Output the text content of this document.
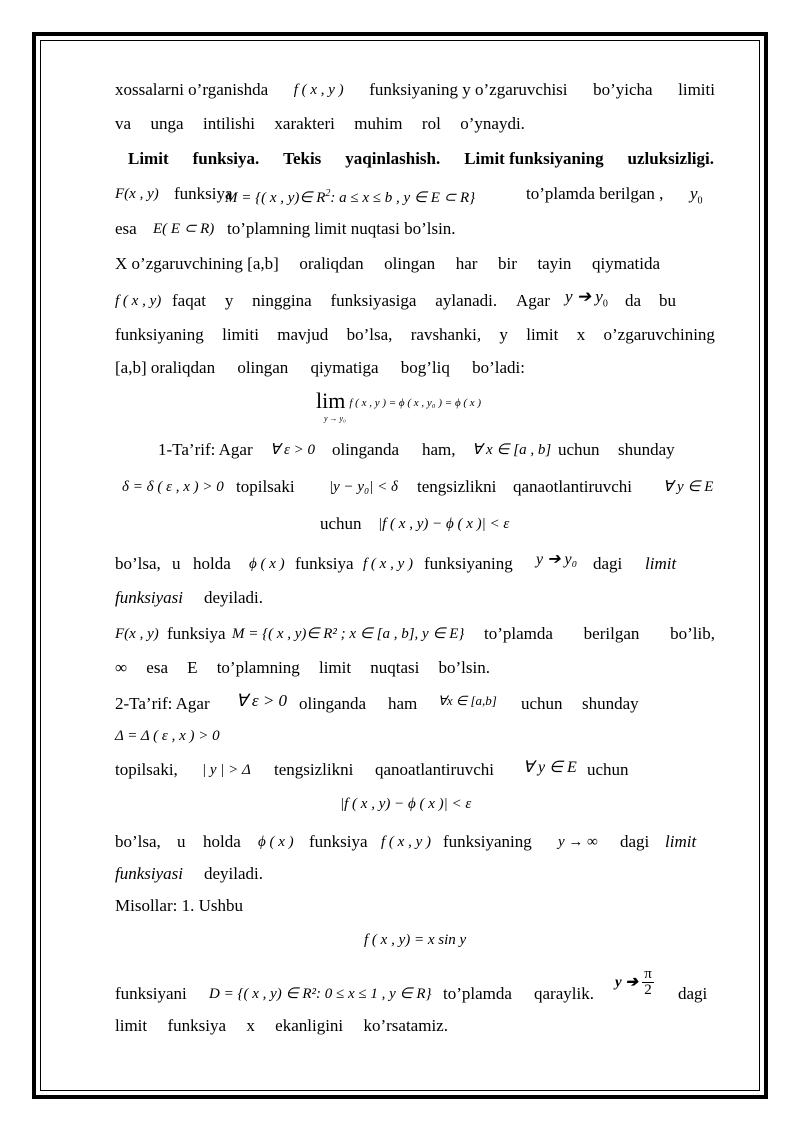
xossalarni o’rganishda f ( x , y ) funksiyaning y o’zgaruvchisi bo’yicha limiti
va unga intilishi xarakteri muhim rol o’ynaydi.
Limit funksiya. Tekis yaqinlashish. Limit funksiyaning uzluksizligi.
F(x , y) funksiya
M = {( x , y)∈ $R^2$: a ≤ x ≤ b , y ∈ E ⊂ R}	to’plamda berilgan , $y_0$
esa E( E ⊂ R) to’plamning limit nuqtasi bo’lsin.
X o’zgaruvchining [a,b] oraliqdan olingan har bir tayin qiymatida
f ( x , y) faqat y ninggina funksiyasiga aylanadi. Agar y ➔ $y_0$ da bu
funksiyaning limiti mavjud bo’lsa, ravshanki, y limit x o’zgaruvchining
[a,b] oraliqdan olingan qiymatiga bog’liq bo’ladi:
lim f ( x , y ) = ϕ ( x , y₀ ) = ϕ ( x )
y → y₀
1-Ta’rif: Agar ∀ ε > 0 olinganda ham, ∀ x ∈ [a , b] uchun shunday
δ = δ ( ε , x ) > 0 topilsaki |y − y₀| < δ tengsizlikni qanaotlantiruvchi ∀ y ∈ E
uchun |f ( x , y) − ϕ ( x )| < ε
bo’lsa, u holda ϕ ( x ) funksiya f ( x , y ) funksiyaning y ➔ y₀ dagi limit
funksiyasi deyiladi.
F(x , y) funksiya M = {( x , y)∈ R² ; x ∈ [a , b], y ∈ E} to’plamda berilgan bo’lib,
∞ esa E to’plamning limit nuqtasi bo’lsin.
2-Ta’rif: Agar ∀ ε > 0 olinganda ham ∀x ∈ [a,b] uchun shunday
Δ = Δ ( ε , x ) > 0
topilsaki, | y | > Δ tengsizlikni qanoatlantiruvchi ∀ y ∈ E uchun
|f ( x , y) − ϕ ( x )| < ε
bo’lsa, u holda ϕ ( x ) funksiya f ( x , y ) funksiyaning y → ∞ dagi limit
funksiyasi deyiladi.
Misollar: 1. Ushbu
f ( x , y) = x sin y
funksiyani D = {( x , y) ∈ R²: 0 ≤ x ≤ 1 , y ∈ R} to’plamda qaraylik.
y ➔ $\frac{\pi}{2}$ dagi
limit funksiya x ekanligini ko’rsatamiz.
